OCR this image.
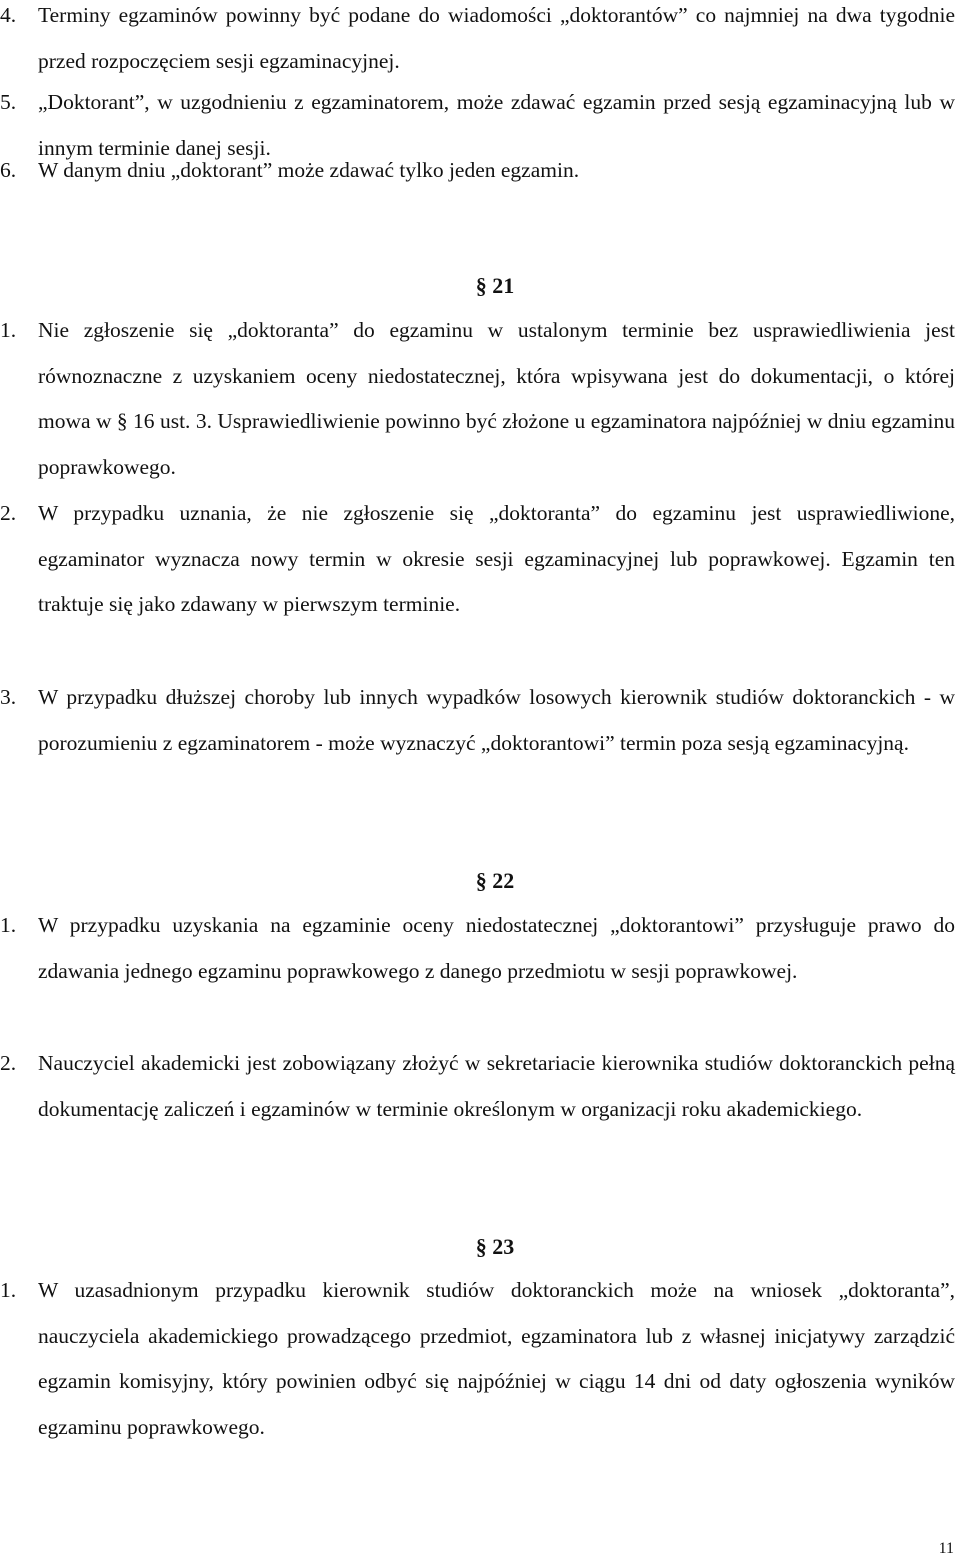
4. Terminy egzaminów powinny być podane do wiadomości „doktorantów” co najmniej na dwa tygodnie przed rozpoczęciem sesji egzaminacyjnej.
5. „Doktorant”, w uzgodnieniu z egzaminatorem, może zdawać egzamin przed sesją egzaminacyjną lub w innym terminie danej sesji.
6. W danym dniu „doktorant” może zdawać tylko jeden egzamin.
§ 21
1. Nie zgłoszenie się „doktoranta” do egzaminu w ustalonym terminie bez usprawiedliwienia jest równoznaczne z uzyskaniem oceny niedostatecznej, która wpisywana jest do dokumentacji, o której mowa w § 16 ust. 3. Usprawiedliwienie powinno być złożone u egzaminatora najpóźniej w dniu egzaminu poprawkowego.
2. W przypadku uznania, że nie zgłoszenie się „doktoranta” do egzaminu jest usprawiedliwione, egzaminator wyznacza nowy termin w okresie sesji egzaminacyjnej lub poprawkowej. Egzamin ten traktuje się jako zdawany w pierwszym terminie.
3. W przypadku dłuższej choroby lub innych wypadków losowych kierownik studiów doktoranckich - w porozumieniu z egzaminatorem - może wyznaczyć „doktorantowi” termin poza sesją egzaminacyjną.
§ 22
1. W przypadku uzyskania na egzaminie oceny niedostatecznej „doktorantowi” przysługuje prawo do zdawania jednego egzaminu poprawkowego z danego przedmiotu w sesji poprawkowej.
2. Nauczyciel akademicki jest zobowiązany złożyć w sekretariacie kierownika studiów doktoranckich pełną dokumentację zaliczeń i egzaminów w terminie określonym w organizacji roku akademickiego.
§ 23
1. W uzasadnionym przypadku kierownik studiów doktoranckich może na wniosek „doktoranta”, nauczyciela akademickiego prowadzącego przedmiot, egzaminatora lub z własnej inicjatywy zarządzić egzamin komisyjny, który powinien odbyć się najpóźniej w ciągu 14 dni od daty ogłoszenia wyników egzaminu poprawkowego.
11
